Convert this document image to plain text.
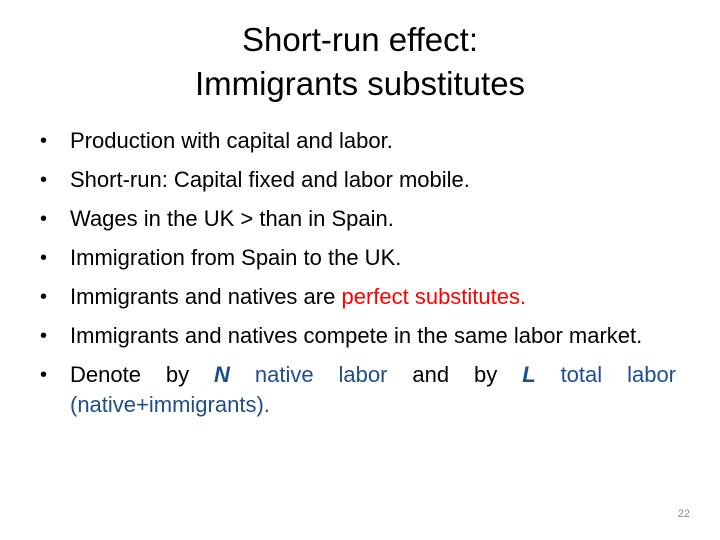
Short-run effect:
Immigrants substitutes
•	Production with capital and labor.
•	Short-run: Capital fixed and labor mobile.
•	Wages in the UK > than in Spain.
•	Immigration from Spain to the UK.
•	Immigrants and natives are perfect substitutes.
•	Immigrants and natives compete in the same labor market.
•	Denote by N native labor and by L total labor (native+immigrants).
22
